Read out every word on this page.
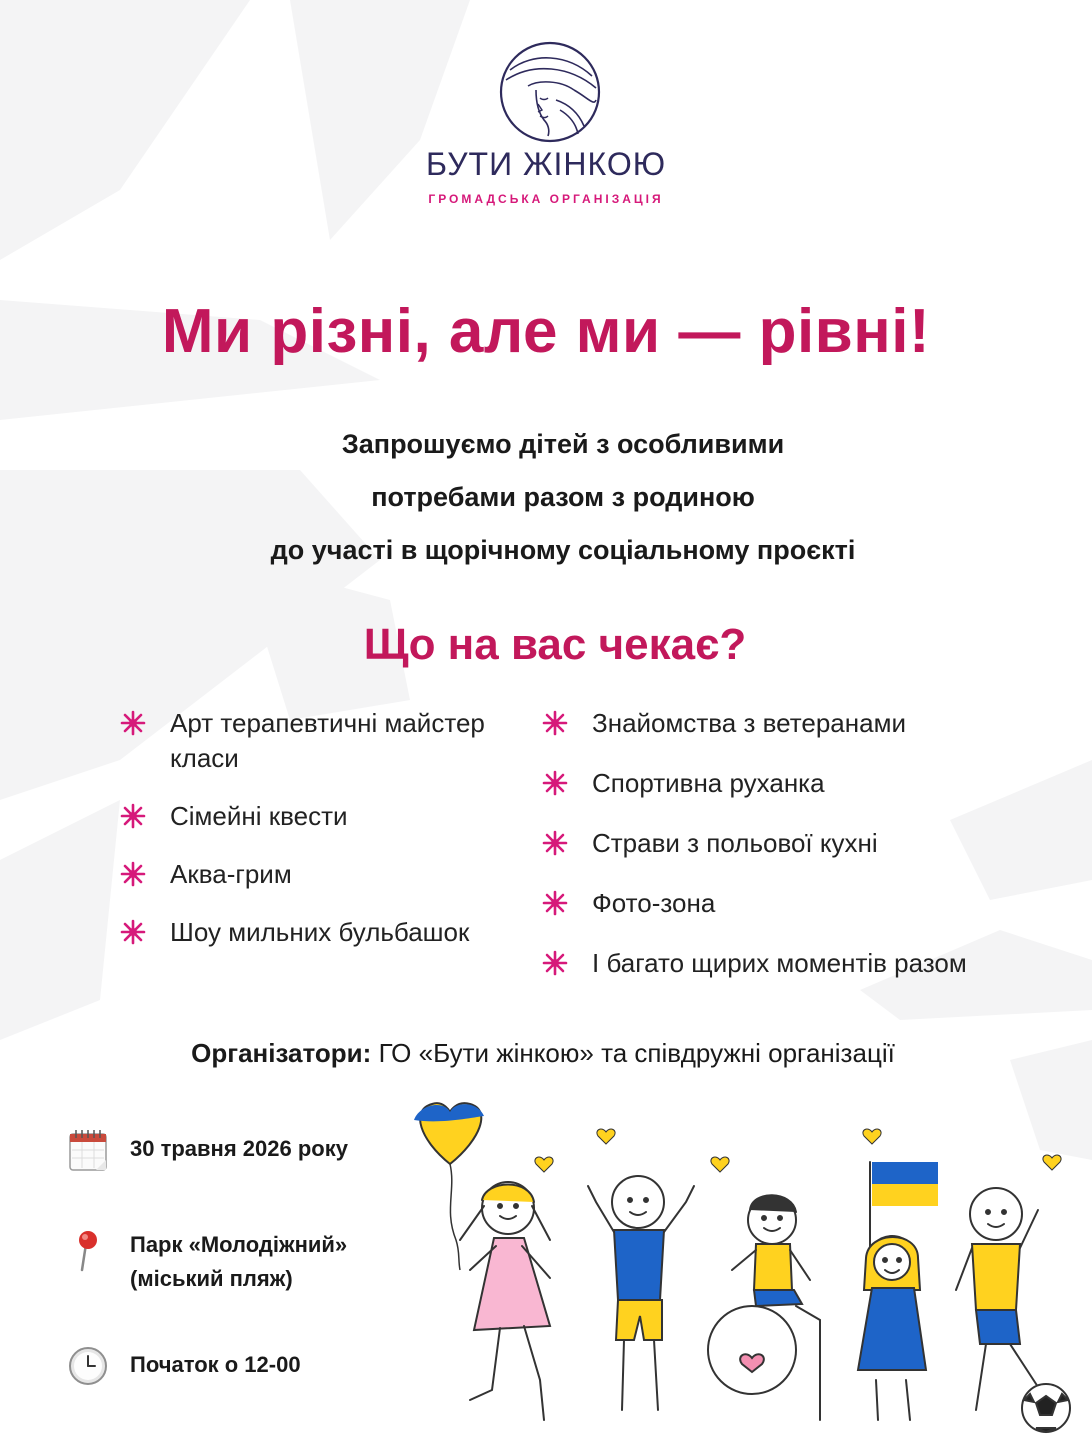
БУТИ ЖІНКОЮ
ГРОМАДСЬКА ОРГАНІЗАЦІЯ
Ми різні, але ми — рівні!
Запрошуємо дітей з особливими
потребами разом з родиною
до участі в щорічному соціальному проєкті
Що на вас чекає?
Арт терапевтичні майстер класи
Сімейні квести
Аква-грим
Шоу мильних бульбашок
Знайомства з ветеранами
Спортивна руханка
Страви з польової кухні
Фото-зона
І багато щирих моментів разом
Організатори: ГО «Бути жінкою» та співдружні організації
30 травня 2026 року
Парк «Молодіжний»
(міський пляж)
Початок о 12-00
